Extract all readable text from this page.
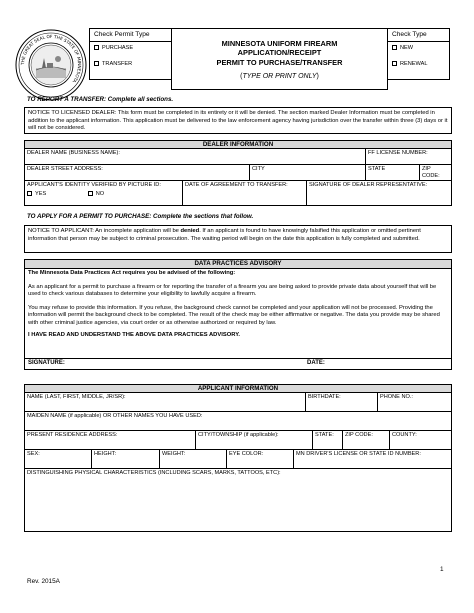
THE GREAT SEAL OF THE STATE OF MINNESOTA
Check Permit Type
PURCHASE
TRANSFER
MINNESOTA UNIFORM FIREARM
APPLICATION/RECEIPT
PERMIT TO PURCHASE/TRANSFER
(TYPE OR PRINT ONLY)
Check Type
NEW
RENEWAL
TO REPORT A TRANSFER: Complete all sections.

NOTICE TO LICENSED DEALER: This form must be completed in its entirety or it will be denied. The section marked Dealer Information must be completed in addition to the applicant information. This application must be delivered to the law enforcement agency having jurisdiction over the transfer within three (3) days or it will not be considered.

DEALER INFORMATION
DEALER NAME (BUSINESS NAME):	FF LICENSE NUMBER:
DEALER STREET ADDRESS:	CITY	STATE	ZIP CODE:
APPLICANT'S IDENTITY VERIFIED BY PICTURE ID:
YES	NO
DATE OF AGREEMENT TO TRANSFER:	SIGNATURE OF DEALER REPRESENTATIVE:
TO APPLY FOR A PERMIT TO PURCHASE: Complete the sections that follow.

NOTICE TO APPLICANT: An incomplete application will be denied. If an applicant is found to have knowingly falsified this application or omitted pertinent information that person may be subject to criminal prosecution. The waiting period will begin on the date this application is fully completed and submitted.

DATA PRACTICES ADVISORY

The Minnesota Data Practices Act requires you be advised of the following:

As an applicant for a permit to purchase a firearm or for reporting the transfer of a firearm you are being asked to provide private data about yourself that will be used to check various databases to determine your eligibility to lawfully acquire a firearm.

You may refuse to provide this information. If you refuse, the background check cannot be completed and your application will not be processed. Providing the information will permit the background check to be completed. The result of the check may be either affirmative or negative. The data you provide may be shared with other criminal justice agencies, via court order or as otherwise authorized or required by law.

I HAVE READ AND UNDERSTAND THE ABOVE DATA PRACTICES ADVISORY.

SIGNATURE:	DATE:
APPLICANT INFORMATION
NAME (LAST, FIRST, MIDDLE, JR/SR):	BIRTHDATE:	PHONE NO.:
MAIDEN NAME (if applicable) OR OTHER NAMES YOU HAVE USED:
PRESENT RESIDENCE ADDRESS:	CITY/TOWNSHIP (if applicable):	STATE:	ZIP CODE:	COUNTY:
SEX:	HEIGHT:	WEIGHT:	EYE COLOR:	MN DRIVER'S LICENSE OR STATE ID NUMBER:
DISTINGUISHING PHYSICAL CHARACTERISTICS (INCLUDING SCARS, MARKS, TATTOOS, ETC):
1
Rev. 2015A
